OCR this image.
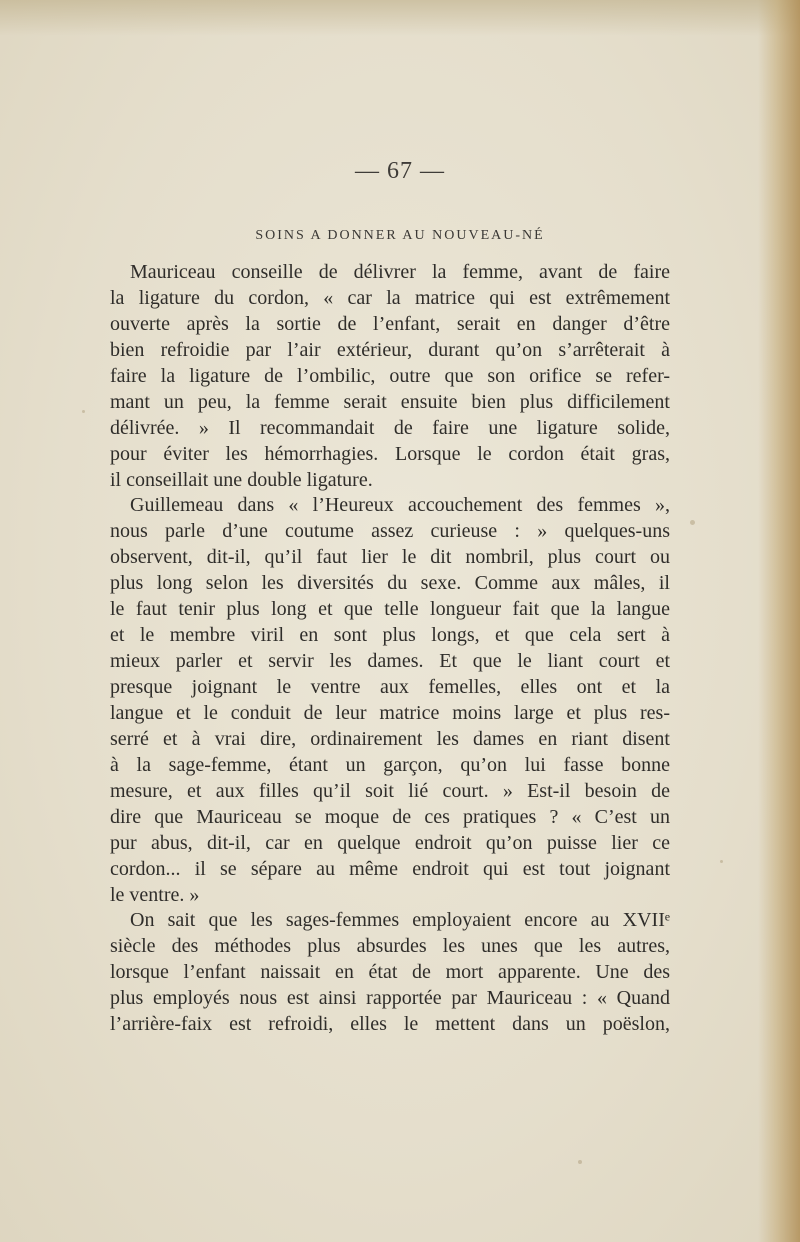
— 67 —
SOINS A DONNER AU NOUVEAU-NÉ
Mauriceau conseille de délivrer la femme, avant de faire
la ligature du cordon, « car la matrice qui est extrêmement
ouverte après la sortie de l’enfant, serait en danger d’être
bien refroidie par l’air extérieur, durant qu’on s’arrêterait à
faire la ligature de l’ombilic, outre que son orifice se refer-
mant un peu, la femme serait ensuite bien plus difficilement
délivrée. » Il recommandait de faire une ligature solide,
pour éviter les hémorrhagies. Lorsque le cordon était gras,
il conseillait une double ligature.
Guillemeau dans « l’Heureux accouchement des femmes »,
nous parle d’une coutume assez curieuse : » quelques-uns
observent, dit-il, qu’il faut lier le dit nombril, plus court ou
plus long selon les diversités du sexe. Comme aux mâles, il
le faut tenir plus long et que telle longueur fait que la langue
et le membre viril en sont plus longs, et que cela sert à
mieux parler et servir les dames. Et que le liant court et
presque joignant le ventre aux femelles, elles ont et la
langue et le conduit de leur matrice moins large et plus res-
serré et à vrai dire, ordinairement les dames en riant disent
à la sage-femme, étant un garçon, qu’on lui fasse bonne
mesure, et aux filles qu’il soit lié court. » Est-il besoin de
dire que Mauriceau se moque de ces pratiques ? « C’est un
pur abus, dit-il, car en quelque endroit qu’on puisse lier ce
cordon... il se sépare au même endroit qui est tout joignant
le ventre. »
On sait que les sages-femmes employaient encore au XVIIᵉ
siècle des méthodes plus absurdes les unes que les autres,
lorsque l’enfant naissait en état de mort apparente. Une des
plus employés nous est ainsi rapportée par Mauriceau : « Quand
l’arrière-faix est refroidi, elles le mettent dans un poëslon,
